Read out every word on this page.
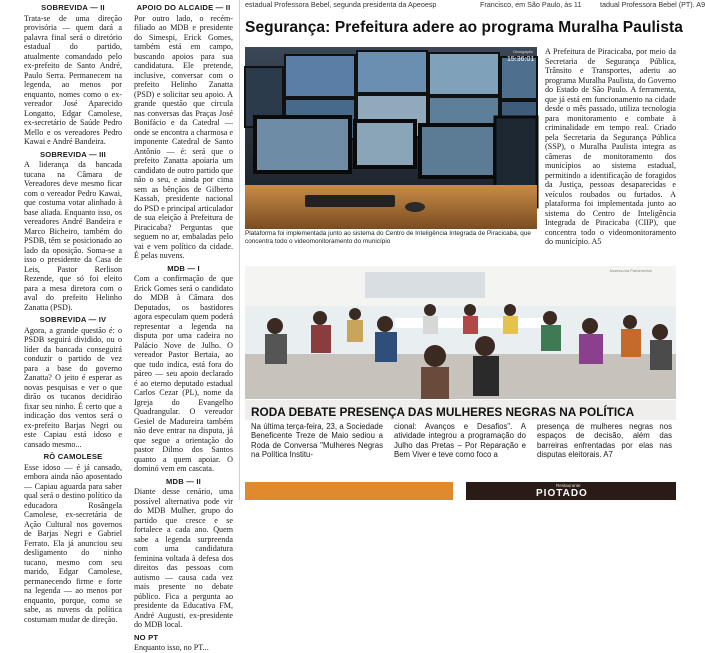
estadual Professora Bebel, segunda presidenta da Apeoesp	Francisco, em São Paulo, às 11	tadual Professora Bebel (PT). A9
SOBREVIDA — II

Trata-se de uma direção provisória — quem dará a palavra final será o diretório estadual do partido, atualmente comandado pelo ex-prefeito de Santo André, Paulo Serra. Permanecem na legenda, ao menos por enquanto, nomes como o ex-vereador José Aparecido Longatto, Edgar Camolese, ex-secretário de Saúde Pedro Mello e os vereadores Pedro Kawai e André Bandeira.

SOBREVIDA — III

A liderança da bancada tucana na Câmara de Vereadores deve mesmo ficar com o vereador Pedro Kawai, que costuma votar alinhado à base aliada. Enquanto isso, os vereadores André Bandeira e Marco Bicheiro, também do PSDB, têm se posicionado ao lado da oposição. Soma-se a isso o presidente da Casa de Leis, Pastor Rerlison Rezende, que só foi eleito para a mesa diretora com o aval do prefeito Helinho Zanatta (PSD).

SOBREVIDA — IV

Agora, a grande questão é: o PSDB seguirá dividido, ou o líder da bancada conseguirá conduzir o partido de vez para a base do governo Zanatta? O jeito é esperar as novas pesquisas e ver o que dirão os tucanos decidirão fixar seu ninho. É certo que a indicação dos ventos será o ex-prefeito Barjas Negri ou este Capiau está idoso e cansado mesmo...

RÔ CAMOLESE

Esse idoso — é já cansado, embora ainda não aposentado — Capiau aguarda para saber qual será o destino político da educadora Rosângela Camolese, ex-secretária de Ação Cultural nos governos de Barjas Negri e Gabriel Ferrato. Ela já anunciou seu desligamento do ninho tucano, mesmo com seu marido, Edgar Camolese, permanecendo firme e forte na legenda — ao menos por enquanto, porque, como se sabe, as nuvens da política costumam mudar de direção.

APOIO DO ALCAIDE — II

Por outro lado, o recém-filiado ao MDB e presidente do Simespi, Erick Gomes, também está em campo, buscando apoios para sua candidatura. Ele pretende, inclusive, conversar com o prefeito Helinho Zanatta (PSD) e solicitar seu apoio. A grande questão que circula nas conversas das Praças José Bonifácio e da Catedral — onde se encontra a charmosa e imponente Catedral de Santo Antônio — é: será que o prefeito Zanatta apoiaria um candidato de outro partido que não o seu, e ainda por cima sem as bênçãos de Gilberto Kassab, presidente nacional do PSD e principal articulador de sua eleição à Prefeitura de Piracicaba? Perguntas que seguem no ar, embaladas pelo vai e vem político da cidade. É pelas nuvens.

MDB — I

Com a confirmação de que Erick Gomes será o candidato do MDB à Câmara dos Deputados, os bastidores agora especulam quem poderá representar a legenda na disputa por uma cadeira no Palácio Nove de Julho. O vereador Pastor Bertaia, ao que tudo indica, está fora do páreo — seu apoio declarado é ao eterno deputado estadual Carlos Cezar (PL), nome da Igreja do Evangelho Quadrangular. O vereador Gesiel de Madureira também não deve entrar na disputa, já que segue a orientação do pastor Dilmo dos Santos quanto a quem apoiar. O dominó vem em cascata.

MDB — II

Diante desse cenário, uma possível alternativa pode vir do MDB Mulher, grupo do partido que cresce e se fortalece a cada ano. Quem sabe a legenda surpreenda com uma candidatura feminina voltada à defesa dos direitos das pessoas com autismo — causa cada vez mais presente no debate público. Fica a pergunta ao presidente da Educativa FM, André Augusti, ex-presidente do MDB local.

NO PT

Enquanto isso, no PT...

Segurança: Prefeitura adere ao programa Muralha Paulista
15:36:01
Divulgação
Plataforma foi implementada junto ao sistema do Centro de Inteligência Integrada de Piracicaba, que concentra todo o videomonitoramento do município
A Prefeitura de Piracicaba, por meio da Secretaria de Segurança Pública, Trânsito e Transportes, aderiu ao programa Muralha Paulista, do Governo do Estado de São Paulo. A ferramenta, que já está em funcionamento na cidade desde o mês passado, utiliza tecnologia para monitoramento e combate à criminalidade em tempo real. Criado pela Secretaria da Segurança Pública (SSP), o Muralha Paulista integra as câmeras de monitoramento dos municípios ao sistema estadual, permitindo a identificação de foragidos da Justiça, pessoas desaparecidas e veículos roubados ou furtados. A plataforma foi implementada junto ao sistema do Centro de Inteligência Integrada de Piracicaba (CIIP), que concentra todo o videomonitoramento do município. A5
Assessoria Parlamentar
RODA DEBATE PRESENÇA DAS MULHERES NEGRAS NA POLÍTICA
Na última terça-feira, 23, a Sociedade Beneficente Treze de Maio sediou a Roda de Conversa "Mulheres Negras na Política Institu-
cional: Avanços e Desafios". A atividade integrou a programação do Julho das Pretas – Por Reparação e Bem Viver e teve como foco a
presença de mulheres negras nos espaços de decisão, além das barreiras enfrentadas por elas nas disputas eleitorais. A7
Restaurante
PIOTADO
